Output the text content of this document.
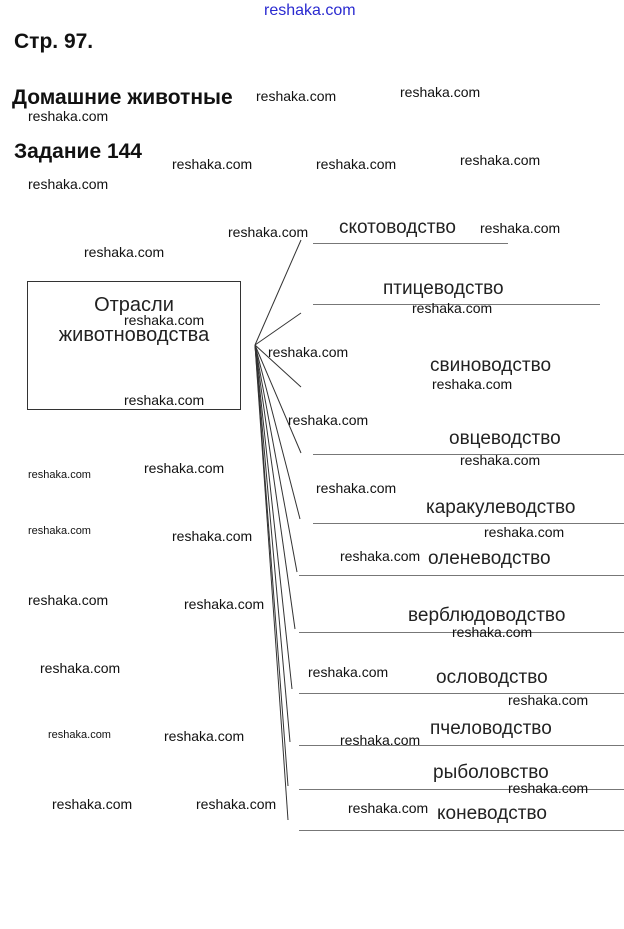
reshaka.com
Стр. 97.
Домашние животные
Задание 144
Отрасли
животноводства
скотоводство
птицеводство
свиноводство
овцеводство
каракулеводство
оленеводство
верблюдоводство
ословодство
пчеловодство
рыболовство
коневодство
reshaka.com	reshaka.com
reshaka.com
reshaka.com	reshaka.com	reshaka.com
reshaka.com
reshaka.com	reshaka.com
reshaka.com
reshaka.com
reshaka.com
reshaka.com
reshaka.com
reshaka.com
reshaka.com
reshaka.com
reshaka.com
reshaka.com
reshaka.com
reshaka.com	reshaka.com	reshaka.com
reshaka.com
reshaka.com	reshaka.com
reshaka.com
reshaka.com	reshaka.com
reshaka.com
reshaka.com	reshaka.com	reshaka.com
reshaka.com
reshaka.com	reshaka.com	reshaka.com
